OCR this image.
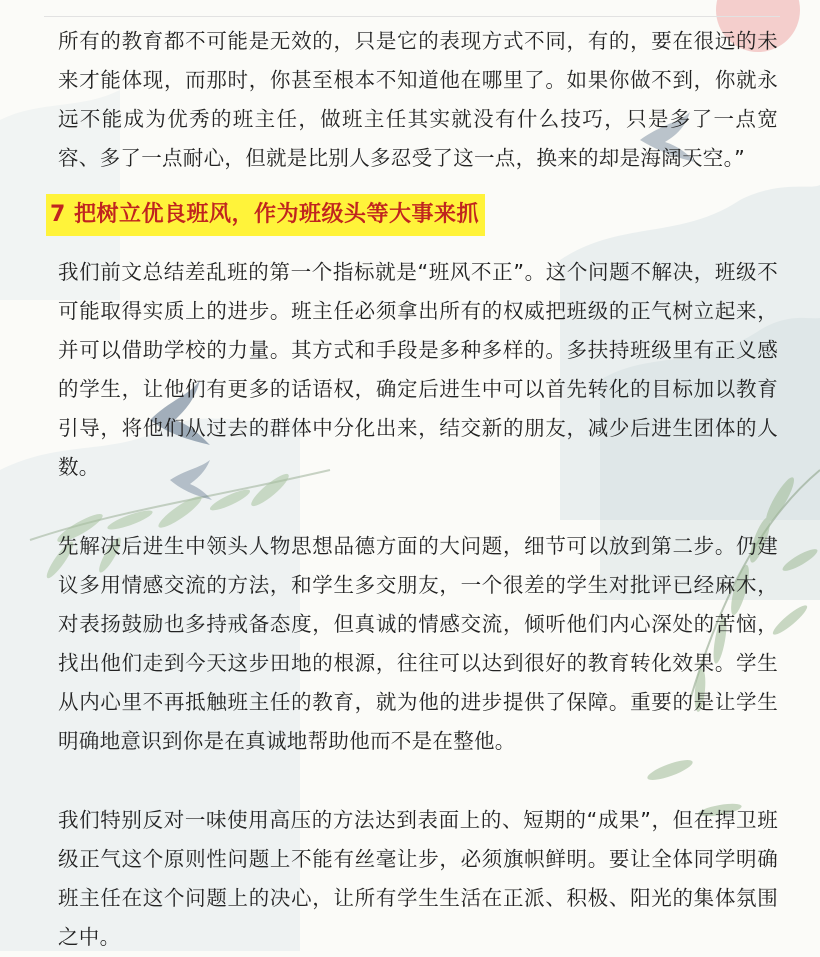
所有的教育都不可能是无效的，只是它的表现方式不同，有的，要在很远的未来才能体现，而那时，你甚至根本不知道他在哪里了。如果你做不到，你就永远不能成为优秀的班主任，做班主任其实就没有什么技巧，只是多了一点宽容、多了一点耐心，但就是比别人多忍受了这一点，换来的却是海阔天空。”

7 把树立优良班风，作为班级头等大事来抓

我们前文总结差乱班的第一个指标就是“班风不正”。这个问题不解决，班级不可能取得实质上的进步。班主任必须拿出所有的权威把班级的正气树立起来，并可以借助学校的力量。其方式和手段是多种多样的。多扶持班级里有正义感的学生，让他们有更多的话语权，确定后进生中可以首先转化的目标加以教育引导，将他们从过去的群体中分化出来，结交新的朋友，减少后进生团体的人数。

先解决后进生中领头人物思想品德方面的大问题，细节可以放到第二步。仍建议多用情感交流的方法，和学生多交朋友，一个很差的学生对批评已经麻木，对表扬鼓励也多持戒备态度，但真诚的情感交流，倾听他们内心深处的苦恼，找出他们走到今天这步田地的根源，往往可以达到很好的教育转化效果。学生从内心里不再抵触班主任的教育，就为他的进步提供了保障。重要的是让学生明确地意识到你是在真诚地帮助他而不是在整他。

我们特别反对一味使用高压的方法达到表面上的、短期的“成果”，但在捍卫班级正气这个原则性问题上不能有丝毫让步，必须旗帜鲜明。要让全体同学明确班主任在这个问题上的决心，让所有学生生活在正派、积极、阳光的集体氛围之中。
